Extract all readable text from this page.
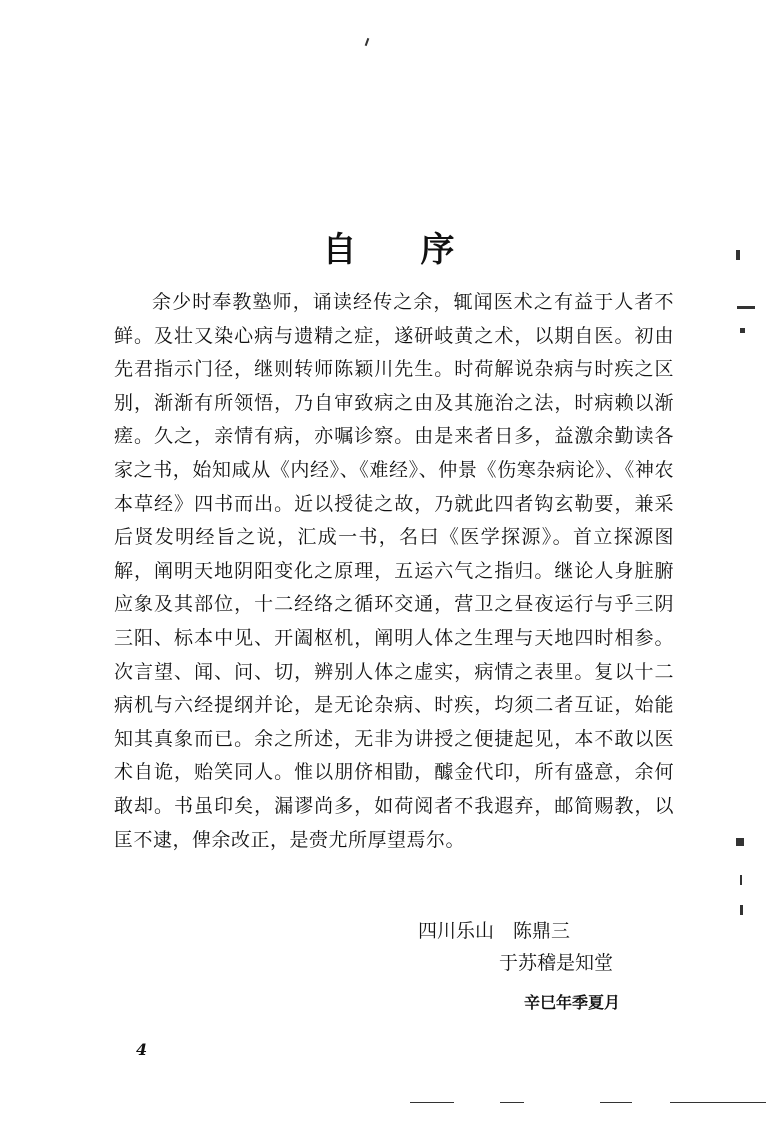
自 序

余少时奉教塾师，诵读经传之余，辄闻医术之有益于人者不鲜。及壮又染心病与遗精之症，遂研岐黄之术，以期自医。初由先君指示门径，继则转师陈颖川先生。时荷解说杂病与时疾之区别，渐渐有所领悟，乃自审致病之由及其施治之法，时病赖以渐瘥。久之，亲情有病，亦嘱诊察。由是来者日多，益激余勤读各家之书，始知咸从《内经》、《难经》、仲景《伤寒杂病论》、《神农本草经》四书而出。近以授徒之故，乃就此四者钩玄勒要，兼采后贤发明经旨之说，汇成一书，名曰《医学探源》。首立探源图解，阐明天地阴阳变化之原理，五运六气之指归。继论人身脏腑应象及其部位，十二经络之循环交通，营卫之昼夜运行与乎三阴三阳、标本中见、开阖枢机，阐明人体之生理与天地四时相参。次言望、闻、问、切，辨别人体之虚实，病情之表里。复以十二病机与六经提纲并论，是无论杂病、时疾，均须二者互证，始能知其真象而已。余之所述，无非为讲授之便捷起见，本不敢以医术自诡，贻笑同人。惟以朋侪相勖，醵金代印，所有盛意，余何敢却。书虽印矣，漏谬尚多，如荷阅者不我遐弃，邮简赐教，以匡不逮，俾余改正，是赍尤所厚望焉尔。

四川乐山 陈鼎三
于苏稽是知堂
辛巳年季夏月
4
